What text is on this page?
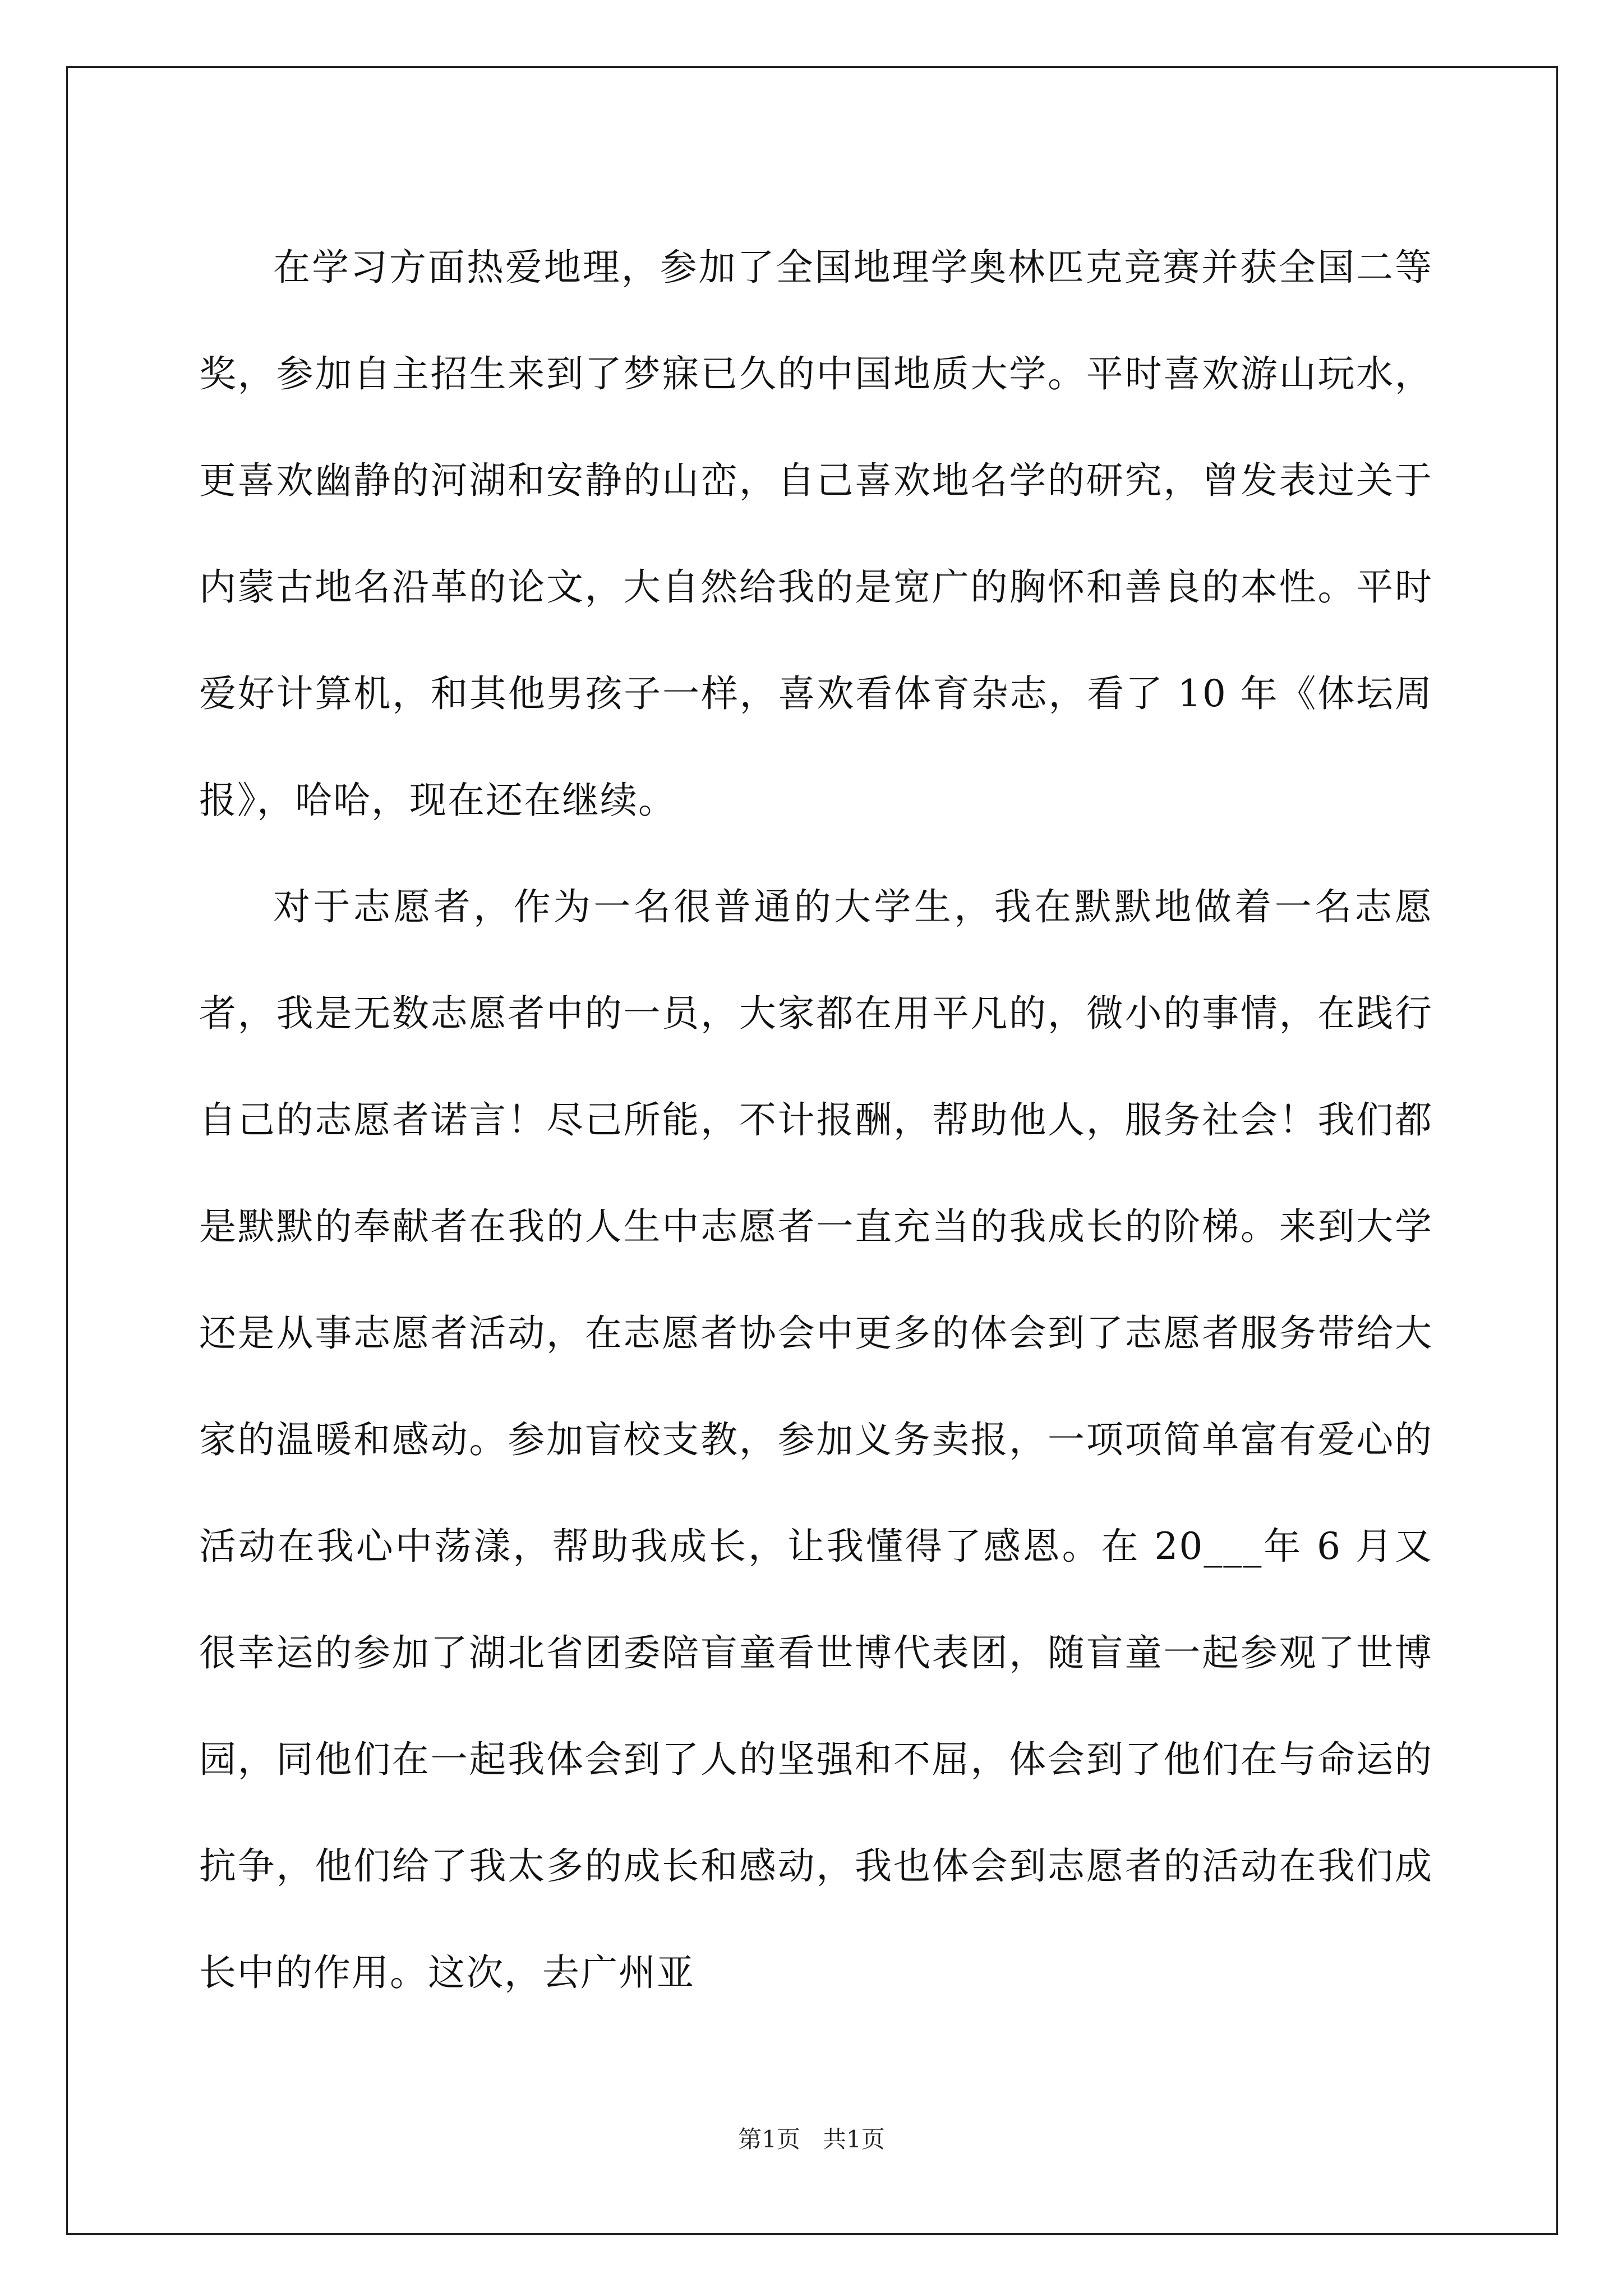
在学习方面热爱地理，参加了全国地理学奥林匹克竞赛并获全国二等奖，参加自主招生来到了梦寐已久的中国地质大学。平时喜欢游山玩水，更喜欢幽静的河湖和安静的山峦，自己喜欢地名学的研究，曾发表过关于内蒙古地名沿革的论文，大自然给我的是宽广的胸怀和善良的本性。平时爱好计算机，和其他男孩子一样，喜欢看体育杂志，看了 10 年《体坛周报》，哈哈，现在还在继续。

对于志愿者，作为一名很普通的大学生，我在默默地做着一名志愿者，我是无数志愿者中的一员，大家都在用平凡的，微小的事情，在践行自己的志愿者诺言！尽己所能，不计报酬，帮助他人，服务社会！我们都是默默的奉献者在我的人生中志愿者一直充当的我成长的阶梯。来到大学还是从事志愿者活动，在志愿者协会中更多的体会到了志愿者服务带给大家的温暖和感动。参加盲校支教，参加义务卖报，一项项简单富有爱心的活动在我心中荡漾，帮助我成长，让我懂得了感恩。在 20___年 6 月又很幸运的参加了湖北省团委陪盲童看世博代表团，随盲童一起参观了世博园，同他们在一起我体会到了人的坚强和不屈，体会到了他们在与命运的抗争，他们给了我太多的成长和感动，我也体会到志愿者的活动在我们成长中的作用。这次，去广州亚

第1页 共1页
